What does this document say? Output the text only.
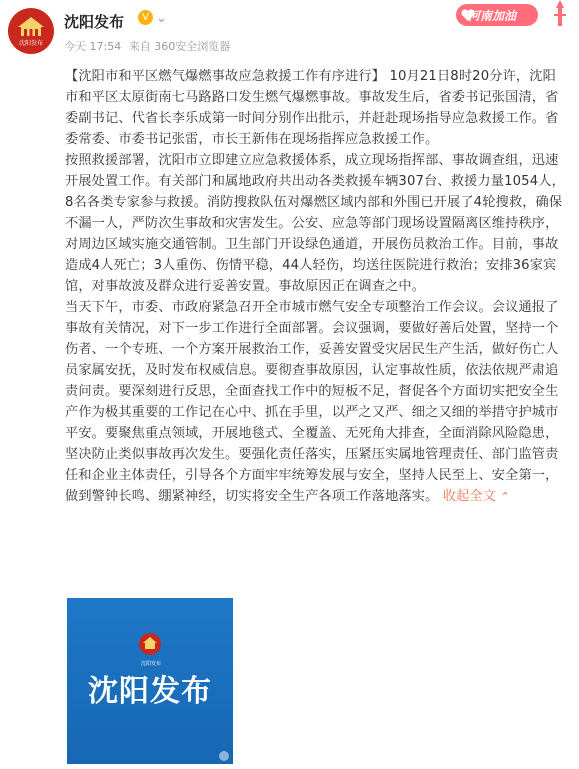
沈阳发布
沈阳发布	V ⌄
今天 17:54 来自 360安全浏览器
河南加油

【沈阳市和平区燃气爆燃事故应急救援工作有序进行】 10月21日8时20分许，沈阳市和平区太原街南七马路路口发生燃气爆燃事故。事故发生后，省委书记张国清，省委副书记、代省长李乐成第一时间分别作出批示，并赶赴现场指导应急救援工作。省委常委、市委书记张雷，市长王新伟在现场指挥应急救援工作。

按照救援部署，沈阳市立即建立应急救援体系，成立现场指挥部、事故调查组，迅速开展处置工作。有关部门和属地政府共出动各类救援车辆307台、救援力量1054人，8名各类专家参与救援。消防搜救队伍对爆燃区域内部和外围已开展了4轮搜救，确保不漏一人，严防次生事故和灾害发生。公安、应急等部门现场设置隔离区维持秩序，对周边区域实施交通管制。卫生部门开设绿色通道，开展伤员救治工作。目前，事故造成4人死亡；3人重伤、伤情平稳，44人轻伤，均送往医院进行救治；安排36家宾馆，对事故波及群众进行妥善安置。事故原因正在调查之中。

当天下午，市委、市政府紧急召开全市城市燃气安全专项整治工作会议。会议通报了事故有关情况，对下一步工作进行全面部署。会议强调，要做好善后处置，坚持一个伤者、一个专班、一个方案开展救治工作，妥善安置受灾居民生产生活，做好伤亡人员家属安抚，及时发布权威信息。要彻查事故原因，认定事故性质，依法依规严肃追责问责。要深刻进行反思，全面查找工作中的短板不足，督促各个方面切实把安全生产作为极其重要的工作记在心中、抓在手里，以严之又严、细之又细的举措守护城市平安。要聚焦重点领域，开展地毯式、全覆盖、无死角大排查，全面消除风险隐患，坚决防止类似事故再次发生。要强化责任落实，压紧压实属地管理责任、部门监管责任和企业主体责任，引导各个方面牢牢统筹发展与安全，坚持人民至上、安全第一，做到警钟长鸣、绷紧神经，切实将安全生产各项工作落地落实。 收起全文 ⌃

沈阳发布
沈阳发布
